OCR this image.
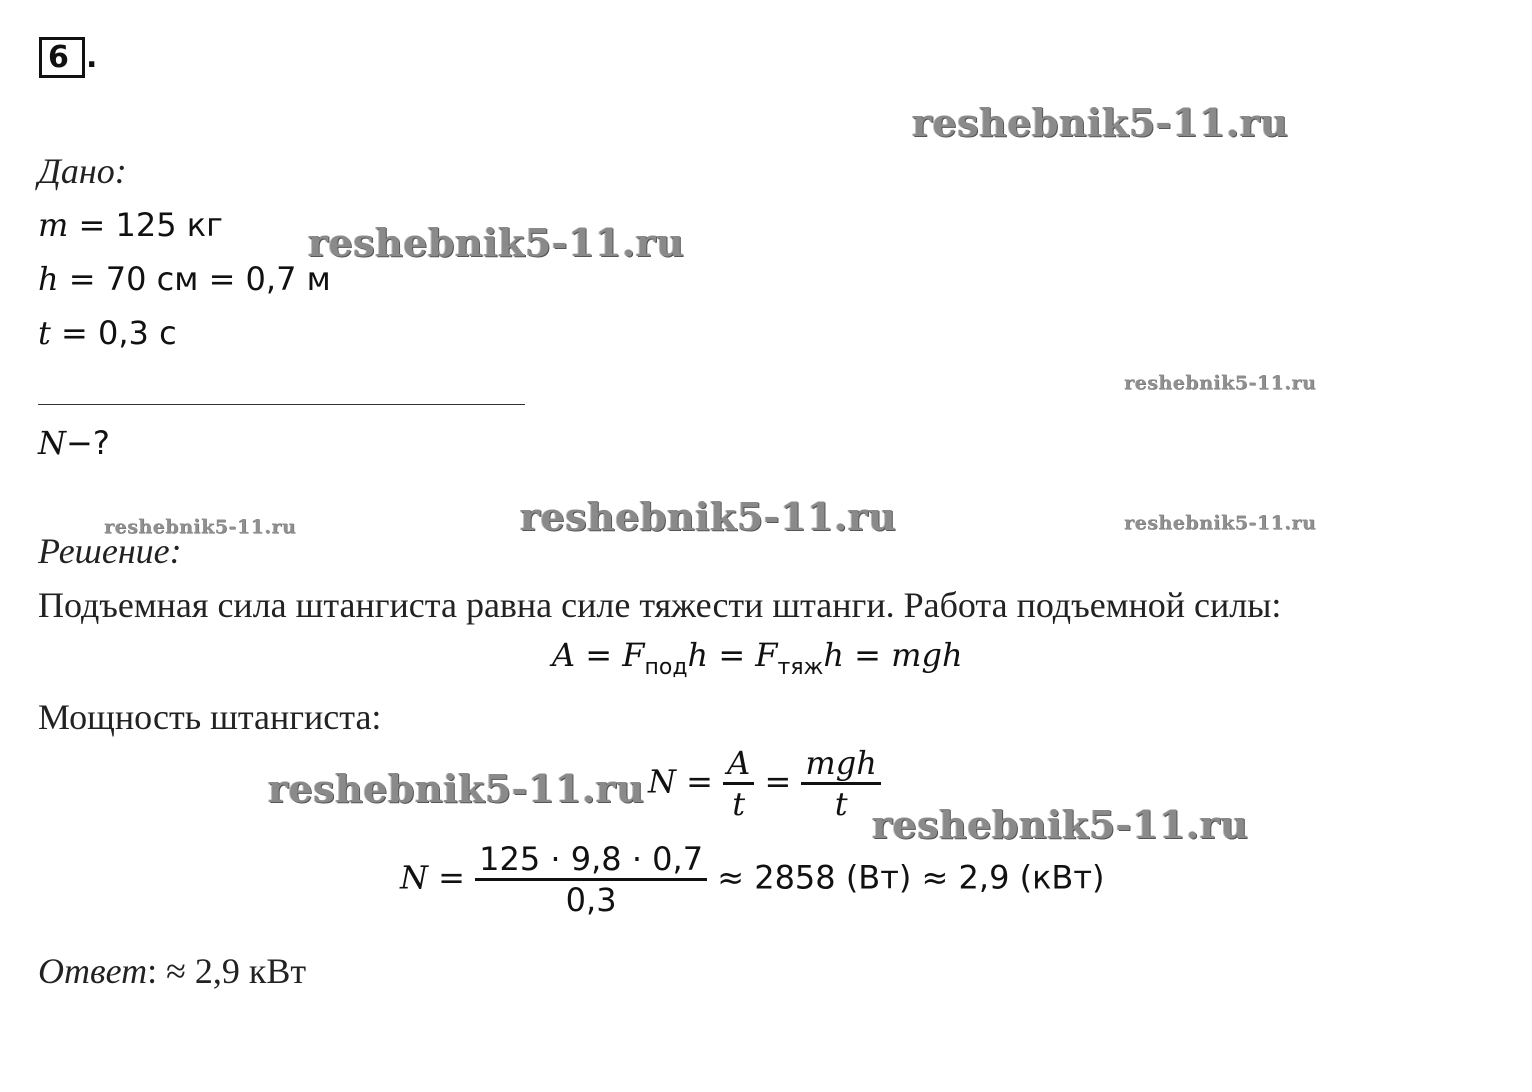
6 .
Дано:
m = 125 кг
h = 70 см = 0,7 м
t = 0,3 с
N−?
Решение:
Подъемная сила штангиста равна силе тяжести штанги. Работа подъемной силы:
$A = F_{под}h = F_{тяж}h$ = mgh
Мощность штангиста:
$N = \frac{A}{t} = \frac{\text{mgh}}{t}$
$N = \frac{125 \cdot 9,8 \cdot 0,7}{0,3} \approx 2858$ (Вт) ≈ 2,9 (кВт)
Ответ: ≈ 2,9 кВт
reshebnik5-11.ru
reshebnik5-11.ru
reshebnik5-11.ru
reshebnik5-11.ru
reshebnik5-11.ru	reshebnik5-11.ru
reshebnik5-11.ru
reshebnik5-11.ru
